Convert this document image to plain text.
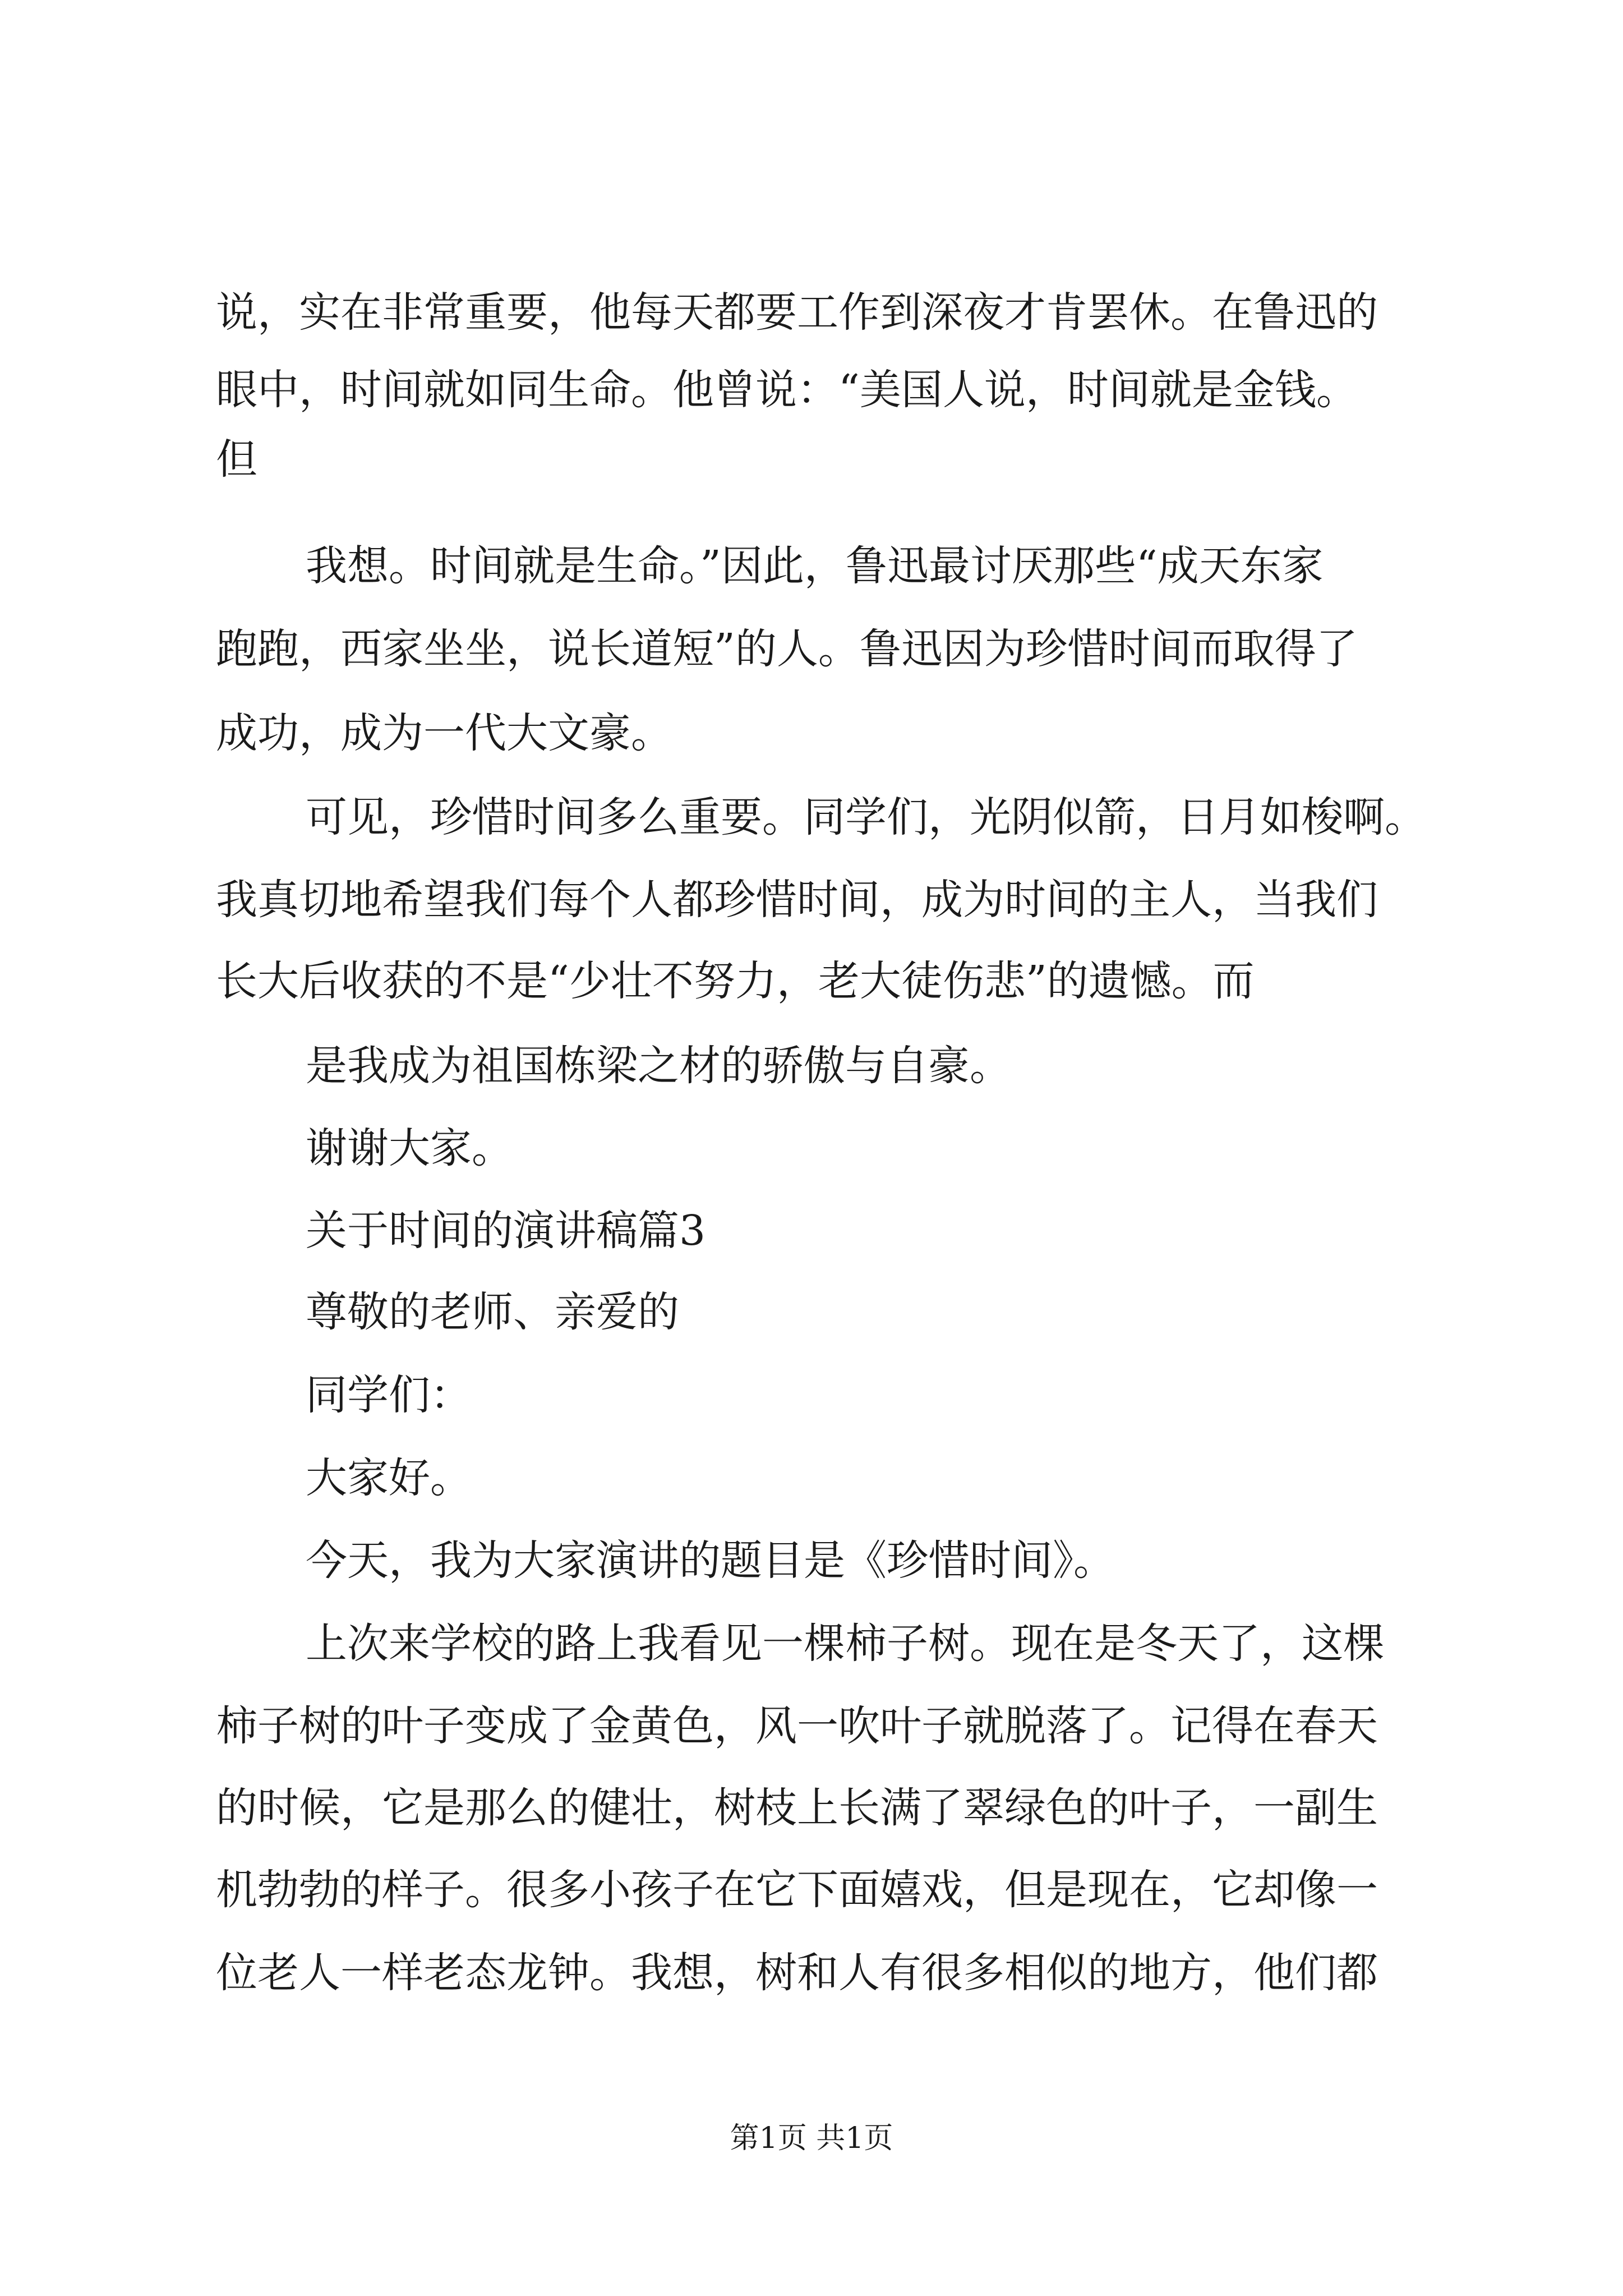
说，实在非常重要，他每天都要工作到深夜才肯罢休。在鲁迅的
眼中，时间就如同生命。他曾说：“美国人说，时间就是金钱。
但
我想。时间就是生命。”因此，鲁迅最讨厌那些“成天东家
跑跑，西家坐坐，说长道短”的人。鲁迅因为珍惜时间而取得了
成功，成为一代大文豪。
可见，珍惜时间多么重要。同学们，光阴似箭，日月如梭啊。
我真切地希望我们每个人都珍惜时间，成为时间的主人，当我们
长大后收获的不是“少壮不努力，老大徒伤悲”的遗憾。而
是我成为祖国栋梁之材的骄傲与自豪。
谢谢大家。
关于时间的演讲稿篇3
尊敬的老师、亲爱的
同学们：
大家好。
今天，我为大家演讲的题目是《珍惜时间》。
上次来学校的路上我看见一棵柿子树。现在是冬天了，这棵
柿子树的叶子变成了金黄色，风一吹叶子就脱落了。记得在春天
的时候，它是那么的健壮，树枝上长满了翠绿色的叶子，一副生
机勃勃的样子。很多小孩子在它下面嬉戏，但是现在，它却像一
位老人一样老态龙钟。我想，树和人有很多相似的地方，他们都
第1页 共1页
